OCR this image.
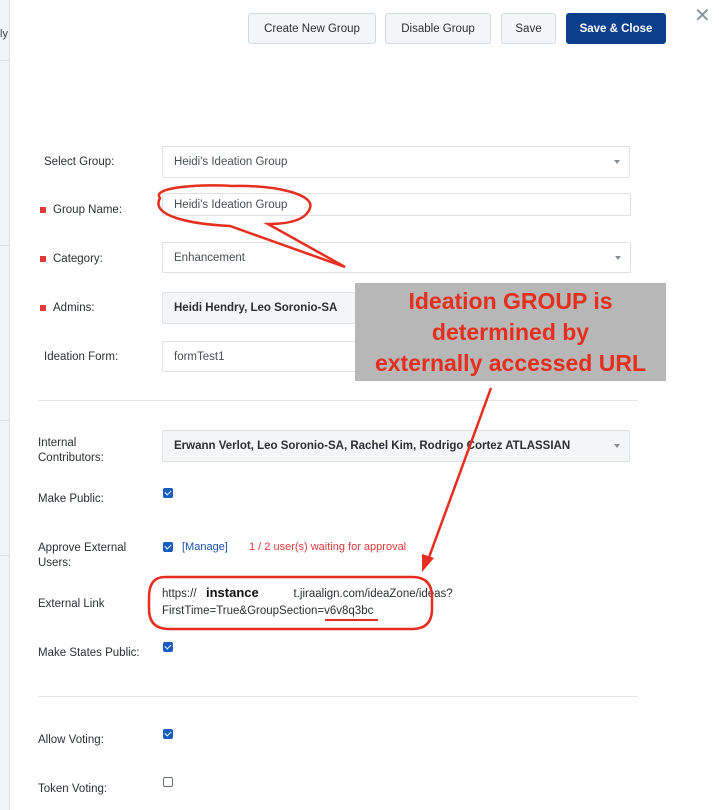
ly	Create New Group	Disable Group	Save	Save & Close
✕
Select Group:	Heidi's Ideation Group
Group Name:	Heidi's Ideation Group
Category:	Enhancement
Admins:	Heidi Hendry, Leo Soronio-SA
Ideation Form:	formTest1
Internal
Contributors:
Erwann Verlot, Leo Soronio-SA, Rachel Kim, Rodrigo Cortez ATLASSIAN
Make Public:
Approve External
Users:
[Manage] 1 / 2 user(s) waiting for approval
External Link
https://	t.jiraalign.com/ideaZone/ideas?
FirstTime=True&GroupSection=v6v8q3bc
instance
Make States Public:
Allow Voting:
Token Voting:
Ideation GROUP is
determined by
externally accessed URL
